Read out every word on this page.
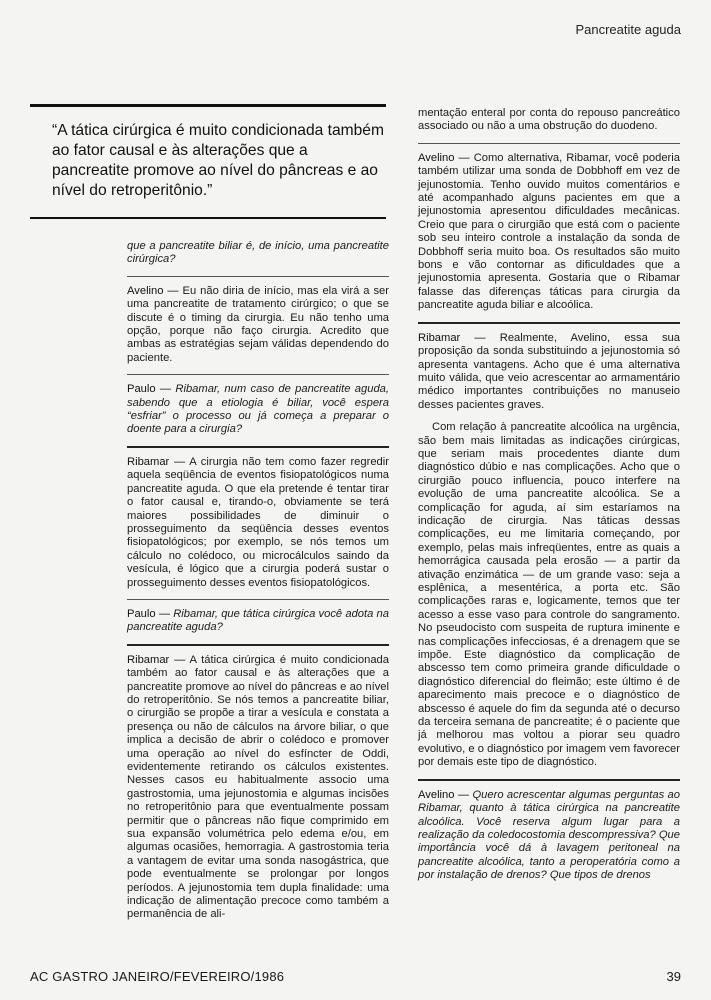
Pancreatite aguda

“A tática cirúrgica é muito condicionada também ao fator causal e às alterações que a pancreatite promove ao nível do pâncreas e ao nível do retroperitônio.”

que a pancreatite biliar é, de início, uma pancreatite cirúrgica?

Avelino — Eu não diria de início, mas ela virá a ser uma pancreatite de tratamento cirúrgico; o que se discute é o timing da cirurgia. Eu não tenho uma opção, porque não faço cirurgia. Acredito que ambas as estratégias sejam válidas dependendo do paciente.

Paulo — Ribamar, num caso de pancreatite aguda, sabendo que a etiologia é biliar, você espera “esfriar” o processo ou já começa a preparar o doente para a cirurgia?

Ribamar — A cirurgia não tem como fazer regredir aquela seqüência de eventos fisiopatológicos numa pancreatite aguda. O que ela pretende é tentar tirar o fator causal e, tirando-o, obviamente se terá maiores possibilidades de diminuir o prosseguimento da seqüência desses eventos fisiopatológicos; por exemplo, se nós temos um cálculo no colédoco, ou microcálculos saindo da vesícula, é lógico que a cirurgia poderá sustar o prosseguimento desses eventos fisiopatológicos.

Paulo — Ribamar, que tática cirúrgica você adota na pancreatite aguda?

Ribamar — A tática cirúrgica é muito condicionada também ao fator causal e às alterações que a pancreatite promove ao nível do pâncreas e ao nível do retroperitônio. Se nós temos a pancreatite biliar, o cirurgião se propõe a tirar a vesícula e constata a presença ou não de cálculos na árvore biliar, o que implica a decisão de abrir o colédoco e promover uma operação ao nível do esfíncter de Oddi, evidentemente retirando os cálculos existentes. Nesses casos eu habitualmente associo uma gastrostomia, uma jejunostomia e algumas incisões no retroperitônio para que eventualmente possam permitir que o pâncreas não fique comprimido em sua expansão volumétrica pelo edema e/ou, em algumas ocasiões, hemorragia. A gastrostomia teria a vantagem de evitar uma sonda nasogástrica, que pode eventualmente se prolongar por longos períodos. A jejunostomia tem dupla finalidade: uma indicação de alimentação precoce como também a permanência de ali-

mentação enteral por conta do repouso pancreático associado ou não a uma obstrução do duodeno.

Avelino — Como alternativa, Ribamar, você poderia também utilizar uma sonda de Dobbhoff em vez de jejunostomia. Tenho ouvido muitos comentários e até acompanhado alguns pacientes em que a jejunostomia apresentou dificuldades mecânicas. Creio que para o cirurgião que está com o paciente sob seu inteiro controle a instalação da sonda de Dobbhoff seria muito boa. Os resultados são muito bons e vão contornar as dificuldades que a jejunostomia apresenta. Gostaria que o Ribamar falasse das diferenças táticas para cirurgia da pancreatite aguda biliar e alcoólica.

Ribamar — Realmente, Avelino, essa sua proposição da sonda substituindo a jejunostomia só apresenta vantagens. Acho que é uma alternativa muito válida, que veio acrescentar ao armamentário médico importantes contribuições no manuseio desses pacientes graves.

Com relação à pancreatite alcoólica na urgência, são bem mais limitadas as indicações cirúrgicas, que seriam mais procedentes diante dum diagnóstico dúbio e nas complicações. Acho que o cirurgião pouco influencia, pouco interfere na evolução de uma pancreatite alcoólica. Se a complicação for aguda, aí sim estaríamos na indicação de cirurgia. Nas táticas dessas complicações, eu me limitaria começando, por exemplo, pelas mais infreqüentes, entre as quais a hemorrágica causada pela erosão — a partir da ativação enzimática — de um grande vaso: seja a esplênica, a mesentérica, a porta etc. São complicações raras e, logicamente, temos que ter acesso a esse vaso para controle do sangramento. No pseudocisto com suspeita de ruptura iminente e nas complicações infecciosas, é a drenagem que se impõe. Este diagnóstico da complicação de abscesso tem como primeira grande dificuldade o diagnóstico diferencial do fleimão; este último é de aparecimento mais precoce e o diagnóstico de abscesso é aquele do fim da segunda até o decurso da terceira semana de pancreatite; é o paciente que já melhorou mas voltou a piorar seu quadro evolutivo, e o diagnóstico por imagem vem favorecer por demais este tipo de diagnóstico.

Avelino — Quero acrescentar algumas perguntas ao Ribamar, quanto à tática cirúrgica na pancreatite alcoólica. Você reserva algum lugar para a realização da coledocostomia descompressiva? Que importância você dá à lavagem peritoneal na pancreatite alcoólica, tanto a peroperatória como a por instalação de drenos? Que tipos de drenos

AC GASTRO JANEIRO/FEVEREIRO/1986	39
